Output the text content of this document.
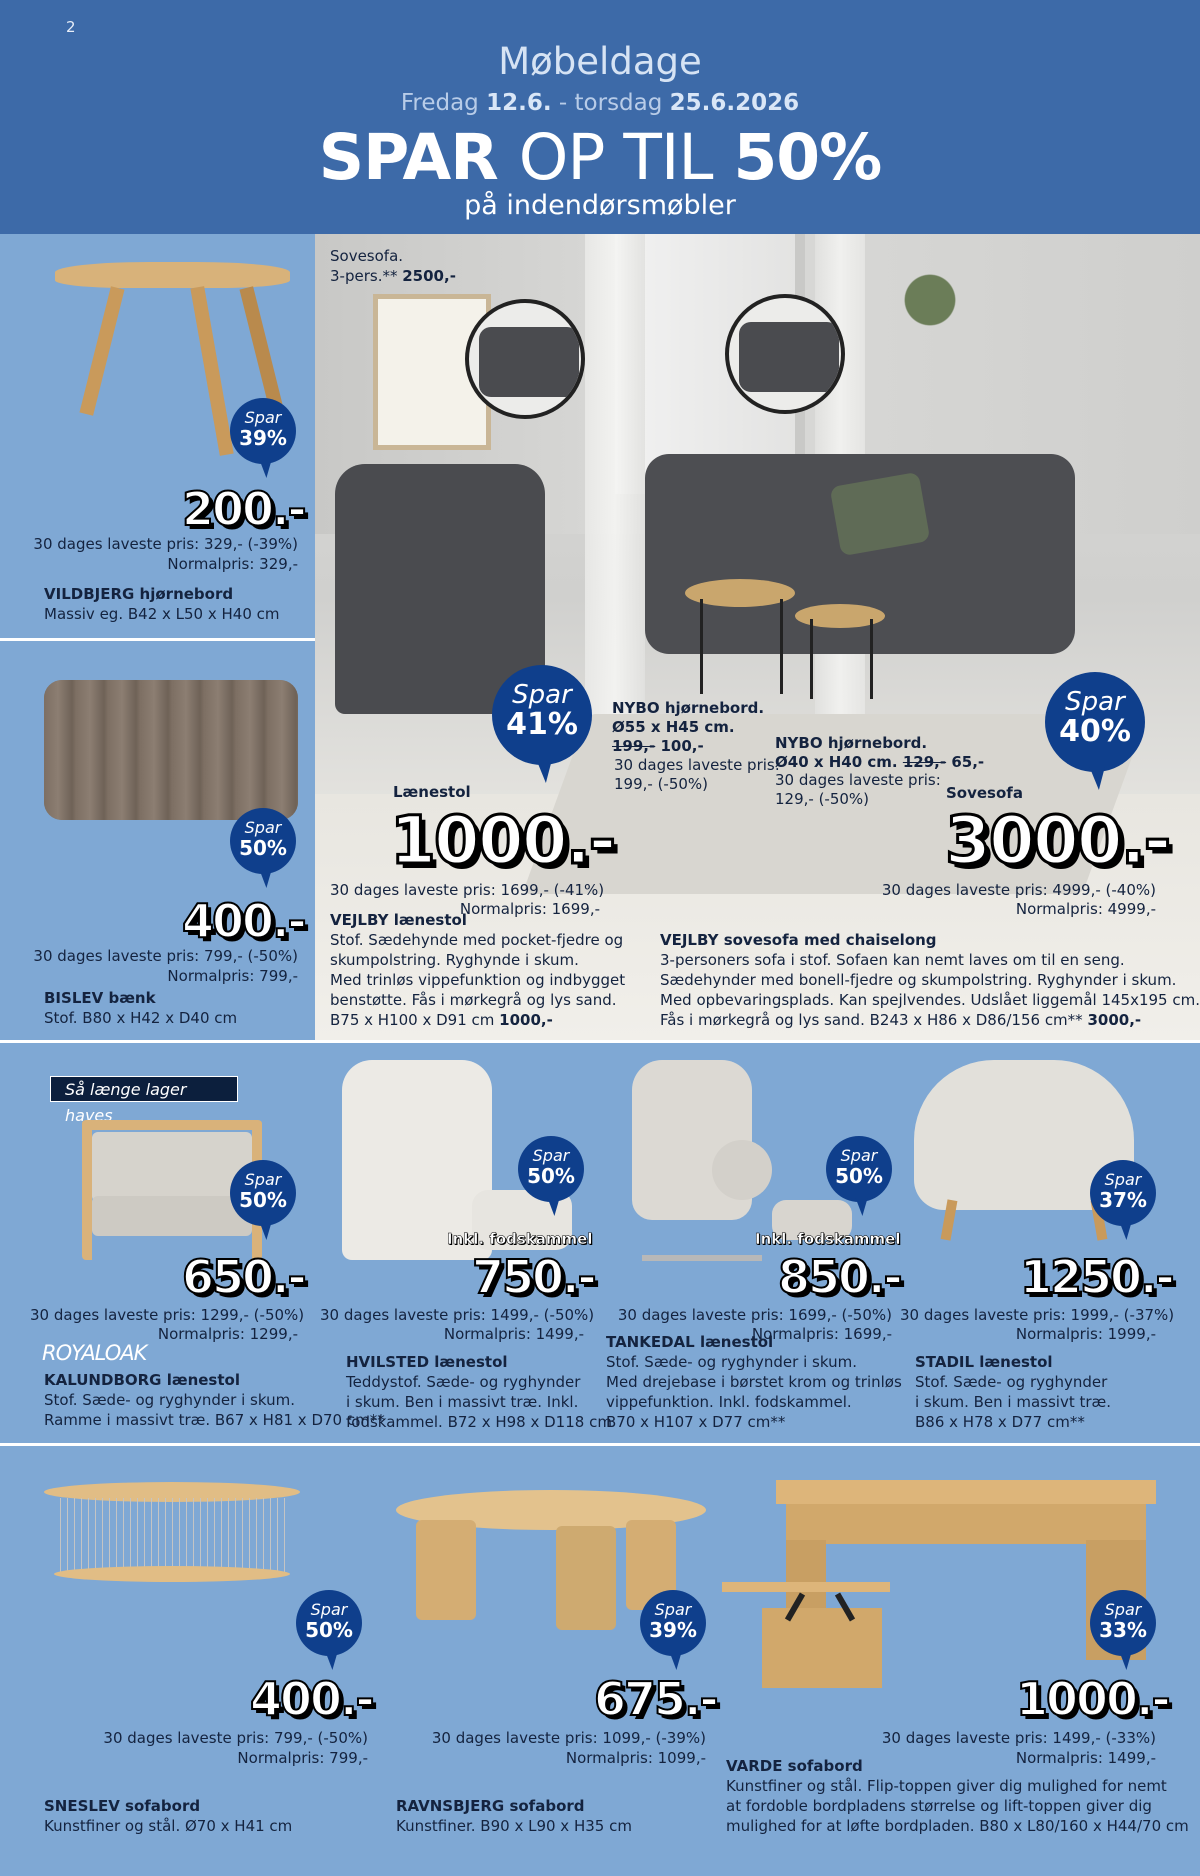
2
Møbeldage
Fredag 12.6. - torsdag 25.6.2026
SPAR OP TIL 50%
på indendørsmøbler
Sovesofa.
3-pers.** 2500,-
Spar
41%
Lænestol
1000.-
30 dages laveste pris: 1699,- (-41%)
Normalpris: 1699,-
VEJLBY lænestol
Stof. Sædehynde med pocket-fjedre og
skumpolstring. Ryghynde i skum.
Med trinløs vippefunktion og indbygget
benstøtte. Fås i mørkegrå og lys sand.
B75 x H100 x D91 cm 1000,-
NYBO hjørnebord.
Ø55 x H45 cm.
199,- 100,-
30 dages laveste pris:
199,- (-50%)
NYBO hjørnebord.
Ø40 x H40 cm. 129,- 65,-
30 dages laveste pris:
129,- (-50%)
Spar
40%
Sovesofa
3000.-
30 dages laveste pris: 4999,- (-40%)
Normalpris: 4999,-
VEJLBY sovesofa med chaiselong
3-personers sofa i stof. Sofaen kan nemt laves om til en seng.
Sædehynder med bonell-fjedre og skumpolstring. Ryghynder i skum.
Med opbevaringsplads. Kan spejlvendes. Udslået liggemål 145x195 cm.
Fås i mørkegrå og lys sand. B243 x H86 x D86/156 cm** 3000,-
Spar
39%
200.-
30 dages laveste pris: 329,- (-39%)
Normalpris: 329,-
VILDBJERG hjørnebord
Massiv eg. B42 x L50 x H40 cm
Spar
50%
400.-
30 dages laveste pris: 799,- (-50%)
Normalpris: 799,-
BISLEV bænk
Stof. B80 x H42 x D40 cm
Så længe lager haves
Spar
50%
650.-
30 dages laveste pris: 1299,- (-50%)
Normalpris: 1299,-
ROYALOAK
KALUNDBORG lænestol
Stof. Sæde- og ryghynder i skum.
Ramme i massivt træ. B67 x H81 x D70 cm**
Spar
50%
Inkl. fodskammel
750.-
30 dages laveste pris: 1499,- (-50%)
Normalpris: 1499,-
HVILSTED lænestol
Teddystof. Sæde- og ryghynder
i skum. Ben i massivt træ. Inkl.
fodskammel. B72 x H98 x D118 cm
Spar
50%
Inkl. fodskammel
850.-
30 dages laveste pris: 1699,- (-50%)
Normalpris: 1699,-
TANKEDAL lænestol
Stof. Sæde- og ryghynder i skum.
Med drejebase i børstet krom og trinløs
vippefunktion. Inkl. fodskammel.
B70 x H107 x D77 cm**
Spar
37%
1250.-
30 dages laveste pris: 1999,- (-37%)
Normalpris: 1999,-
STADIL lænestol
Stof. Sæde- og ryghynder
i skum. Ben i massivt træ.
B86 x H78 x D77 cm**
Spar
50%
400.-
30 dages laveste pris: 799,- (-50%)
Normalpris: 799,-
SNESLEV sofabord
Kunstfiner og stål. Ø70 x H41 cm
Spar
39%
675.-
30 dages laveste pris: 1099,- (-39%)
Normalpris: 1099,-
RAVNSBJERG sofabord
Kunstfiner. B90 x L90 x H35 cm
Spar
33%
1000.-
30 dages laveste pris: 1499,- (-33%)
Normalpris: 1499,-
VARDE sofabord
Kunstfiner og stål. Flip-toppen giver dig mulighed for nemt
at fordoble bordpladens størrelse og lift-toppen giver dig
mulighed for at løfte bordpladen. B80 x L80/160 x H44/70 cm
